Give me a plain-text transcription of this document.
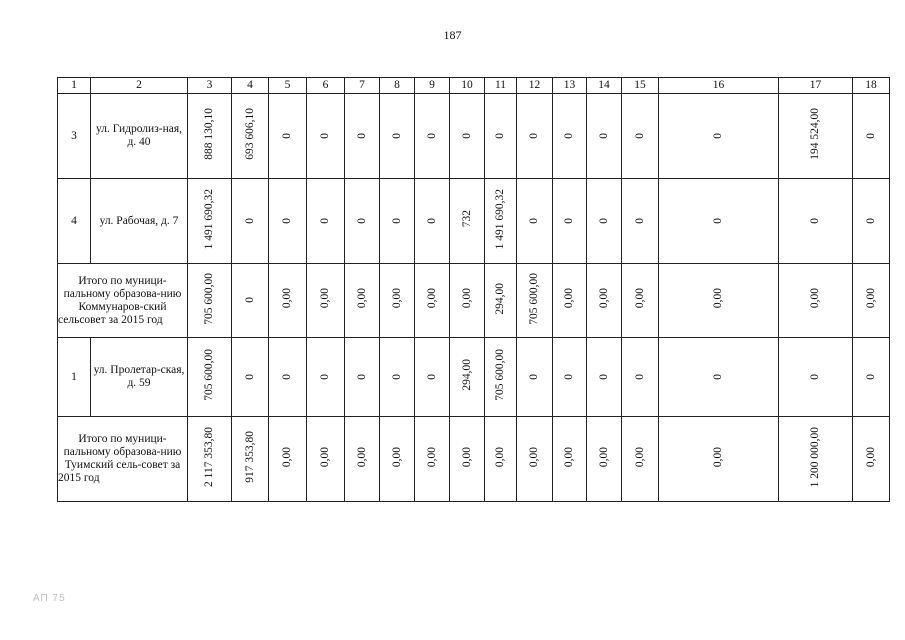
187
1	2	3	4	5	6	7	8	9	10	11	12	13	14	15	16	17	18
3	ул. Гидролиз-ная, д. 40	888 130,10	693 606,10	0	0	0	0	0	0	0	0	0	0	0	0	194 524,00	0
4	ул. Рабочая, д. 7	1 491 690,32	0	0	0	0	0	0	732	1 491 690,32	0	0	0	0	0	0	0
Итого по муници-пальному образова-нию Коммунаров-ский сельсовет за 2015 год		705 600,00	0	0,00	0,00	0,00	0,00	0,00	0,00	294,00	705 600,00	0,00	0,00	0,00	0,00	0,00	0,00
1	ул. Пролетар-ская, д. 59	705 600,00	0	0	0	0	0	0	294,00	705 600,00	0	0	0	0	0	0	0
Итого по муници-пальному образова-нию Туимский сель-совет за 2015 год		2 117 353,80	917 353,80	0,00	0,00	0,00	0,00	0,00	0,00	0,00	0,00	0,00	0,00	0,00	0,00	1 200 000,00	0,00
АП 75
